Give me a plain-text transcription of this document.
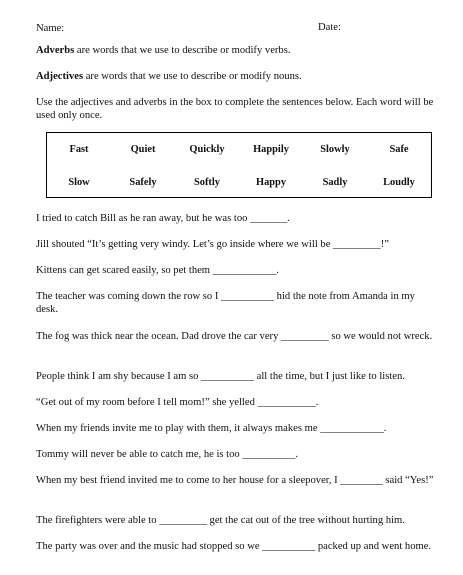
Name:	Date:
Adverbs are words that we use to describe or modify verbs.
Adjectives are words that we use to describe or modify nouns.
Use the adjectives and adverbs in the box to complete the sentences below. Each word will be used only once.
Fast	Quiet	Quickly	Happily	Slowly	Safe
Slow	Safely	Softly	Happy	Sadly	Loudly
I tried to catch Bill as he ran away, but he was too _______.
Jill shouted “It’s getting very windy. Let’s go inside where we will be _________!”
Kittens can get scared easily, so pet them ____________.
The teacher was coming down the row so I __________ hid the note from Amanda in my desk.
The fog was thick near the ocean. Dad drove the car very _________ so we would not wreck.
People think I am shy because I am so __________ all the time, but I just like to listen.
“Get out of my room before I tell mom!” she yelled ___________.
When my friends invite me to play with them, it always makes me ____________.
Tommy will never be able to catch me, he is too __________.
When my best friend invited me to come to her house for a sleepover, I ________ said “Yes!”
The firefighters were able to _________ get the cat out of the tree without hurting him.
The party was over and the music had stopped so we __________ packed up and went home.
